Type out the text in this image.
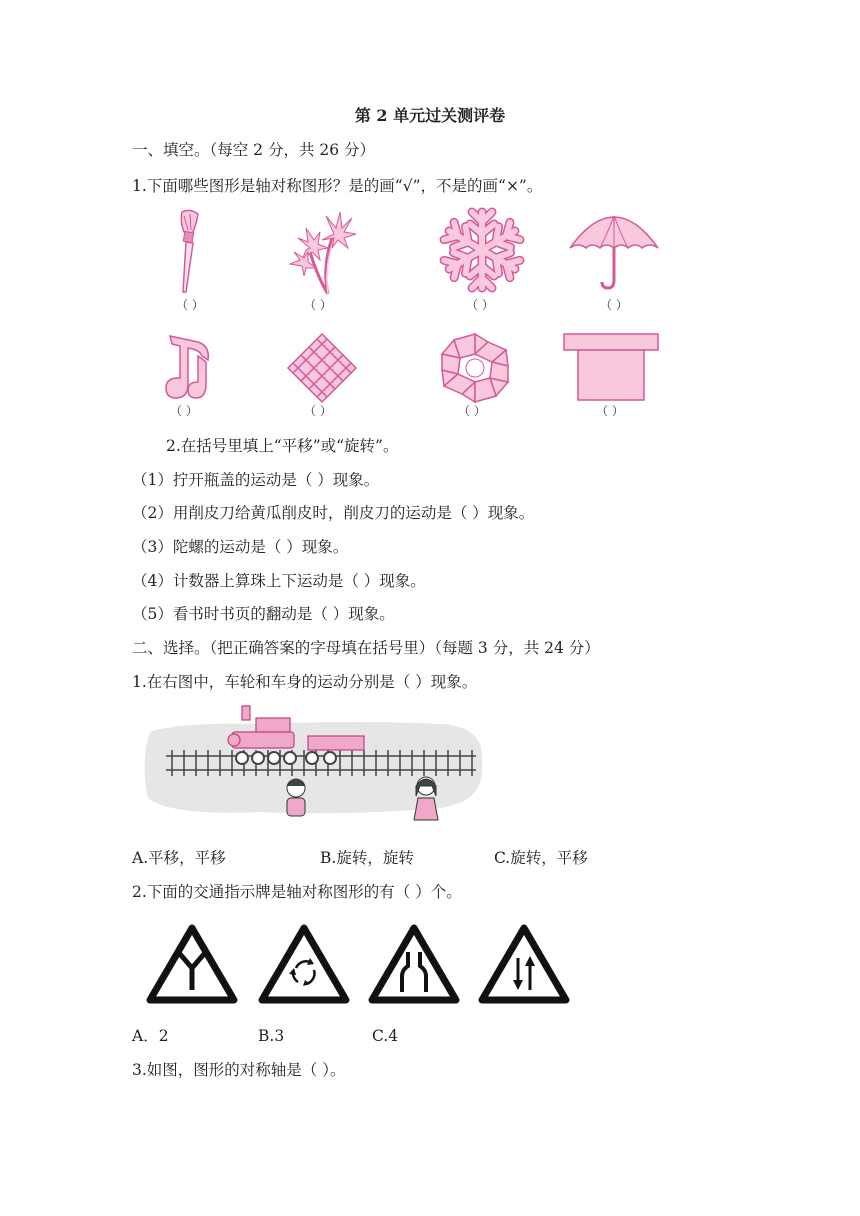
第 2 单元过关测评卷
一、填空。（每空 2 分，共 26 分）
1.下面哪些图形是轴对称图形？是的画“√”，不是的画“×”。
（ ）	（ ）	（ ）	（ ）
（ ）	（ ）	（ ）	（ ）
2.在括号里填上“平移”或“旋转”。
（1）拧开瓶盖的运动是（ ）现象。
（2）用削皮刀给黄瓜削皮时，削皮刀的运动是（ ）现象。
（3）陀螺的运动是（ ）现象。
（4）计数器上算珠上下运动是（ ）现象。
（5）看书时书页的翻动是（ ）现象。
二、选择。（把正确答案的字母填在括号里）（每题 3 分，共 24 分）
1.在右图中，车轮和车身的运动分别是（ ）现象。
A.平移，平移	B.旋转，旋转	C.旋转，平移
2.下面的交通指示牌是轴对称图形的有（ ）个。
A．2	B.3	C.4
3.如图，图形的对称轴是（ ）。
